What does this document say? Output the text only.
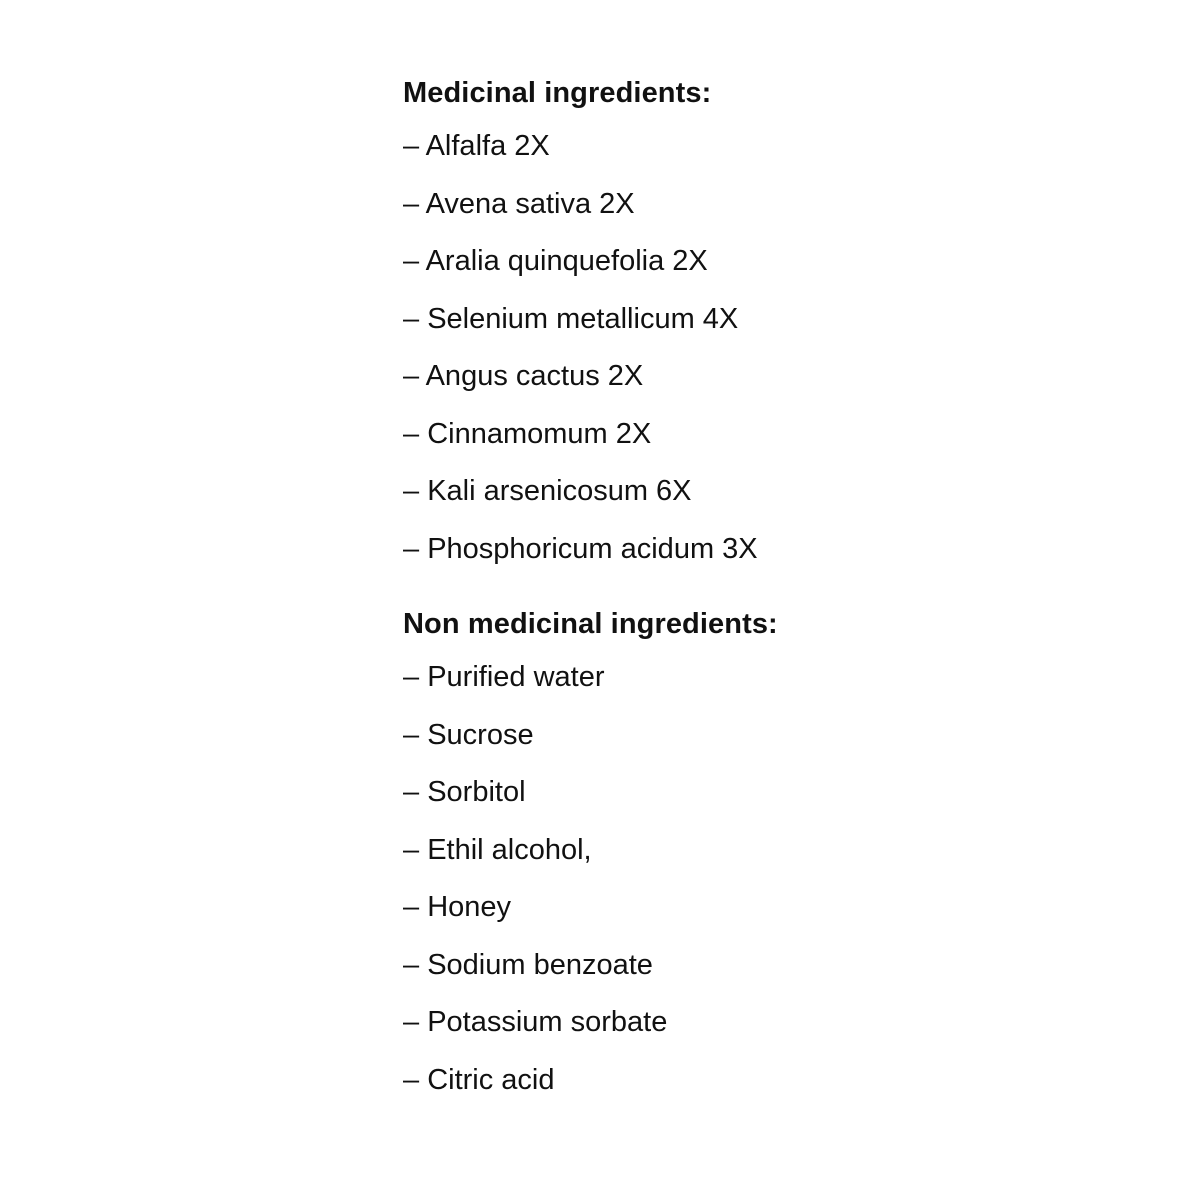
Medicinal ingredients:
– Alfalfa 2X
– Avena sativa 2X
– Aralia quinquefolia 2X
– Selenium metallicum 4X
– Angus cactus 2X
– Cinnamomum 2X
– Kali arsenicosum 6X
– Phosphoricum acidum 3X
Non medicinal ingredients:
– Purified water
– Sucrose
– Sorbitol
– Ethil alcohol,
– Honey
– Sodium benzoate
– Potassium sorbate
– Citric acid
